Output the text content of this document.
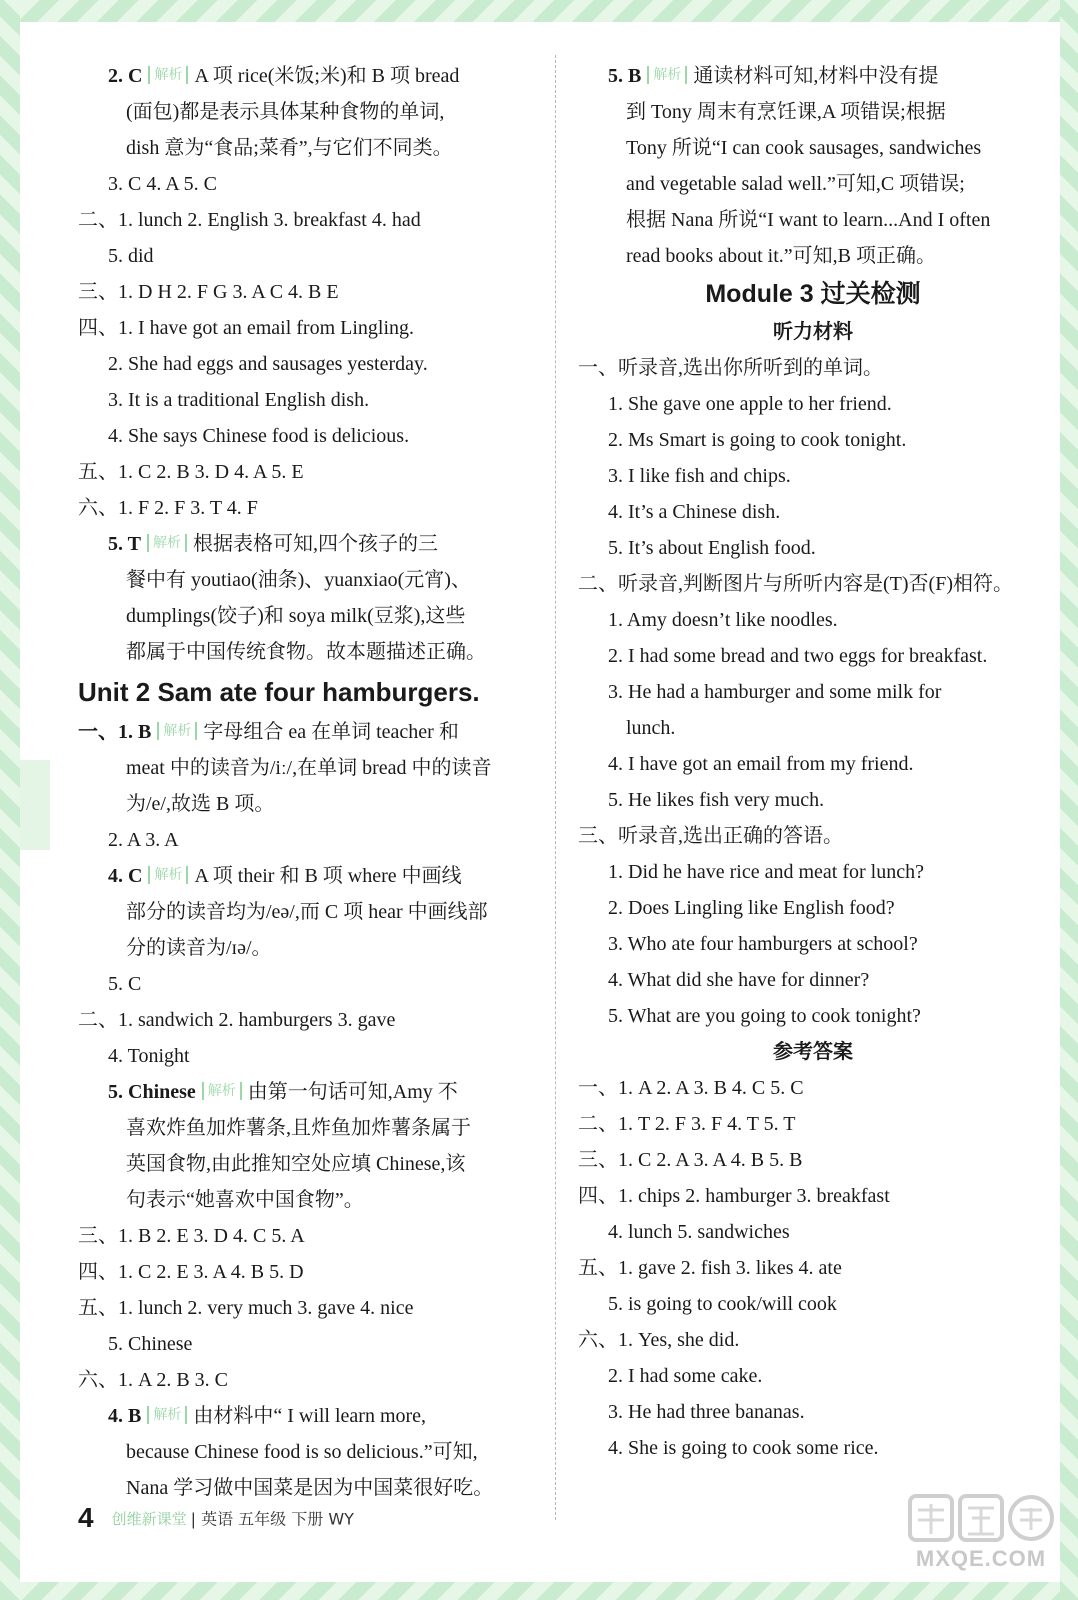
2. C 解析 A 项 rice(米饭;米)和 B 项 bread
(面包)都是表示具体某种食物的单词,
dish 意为“食品;菜肴”,与它们不同类。
3. C 4. A 5. C
二、1. lunch 2. English 3. breakfast 4. had
5. did
三、1. D H 2. F G 3. A C 4. B E
四、1. I have got an email from Lingling.
2. She had eggs and sausages yesterday.
3. It is a traditional English dish.
4. She says Chinese food is delicious.
五、1. C 2. B 3. D 4. A 5. E
六、1. F 2. F 3. T 4. F
5. T 解析 根据表格可知,四个孩子的三
餐中有 youtiao(油条)、yuanxiao(元宵)、
dumplings(饺子)和 soya milk(豆浆),这些
都属于中国传统食物。故本题描述正确。
Unit 2 Sam ate four hamburgers.
一、1. B 解析 字母组合 ea 在单词 teacher 和
meat 中的读音为/iː/,在单词 bread 中的读音
为/e/,故选 B 项。
2. A 3. A
4. C 解析 A 项 their 和 B 项 where 中画线
部分的读音均为/eə/,而 C 项 hear 中画线部
分的读音为/ɪə/。
5. C
二、1. sandwich 2. hamburgers 3. gave
4. Tonight
5. Chinese 解析 由第一句话可知,Amy 不
喜欢炸鱼加炸薯条,且炸鱼加炸薯条属于
英国食物,由此推知空处应填 Chinese,该
句表示“她喜欢中国食物”。
三、1. B 2. E 3. D 4. C 5. A
四、1. C 2. E 3. A 4. B 5. D
五、1. lunch 2. very much 3. gave 4. nice
5. Chinese
六、1. A 2. B 3. C
4. B 解析 由材料中“ I will learn more,
because Chinese food is so delicious.”可知,
Nana 学习做中国菜是因为中国菜很好吃。
5. B 解析 通读材料可知,材料中没有提
到 Tony 周末有烹饪课,A 项错误;根据
Tony 所说“I can cook sausages, sandwiches
and vegetable salad well.”可知,C 项错误;
根据 Nana 所说“I want to learn...And I often
read books about it.”可知,B 项正确。
Module 3 过关检测
听力材料
一、听录音,选出你所听到的单词。
1. She gave one apple to her friend.
2. Ms Smart is going to cook tonight.
3. I like fish and chips.
4. It’s a Chinese dish.
5. It’s about English food.
二、听录音,判断图片与所听内容是(T)否(F)相符。
1. Amy doesn’t like noodles.
2. I had some bread and two eggs for breakfast.
3. He had a hamburger and some milk for
lunch.
4. I have got an email from my friend.
5. He likes fish very much.
三、听录音,选出正确的答语。
1. Did he have rice and meat for lunch?
2. Does Lingling like English food?
3. Who ate four hamburgers at school?
4. What did she have for dinner?
5. What are you going to cook tonight?
参考答案
一、1. A 2. A 3. B 4. C 5. C
二、1. T 2. F 3. F 4. T 5. T
三、1. C 2. A 3. A 4. B 5. B
四、1. chips 2. hamburger 3. breakfast
4. lunch 5. sandwiches
五、1. gave 2. fish 3. likes 4. ate
5. is going to cook/will cook
六、1. Yes, she did.
2. I had some cake.
3. He had three bananas.
4. She is going to cook some rice.
4 创维新课堂 | 英语 五年级 下册 WY
MXQE.COM
